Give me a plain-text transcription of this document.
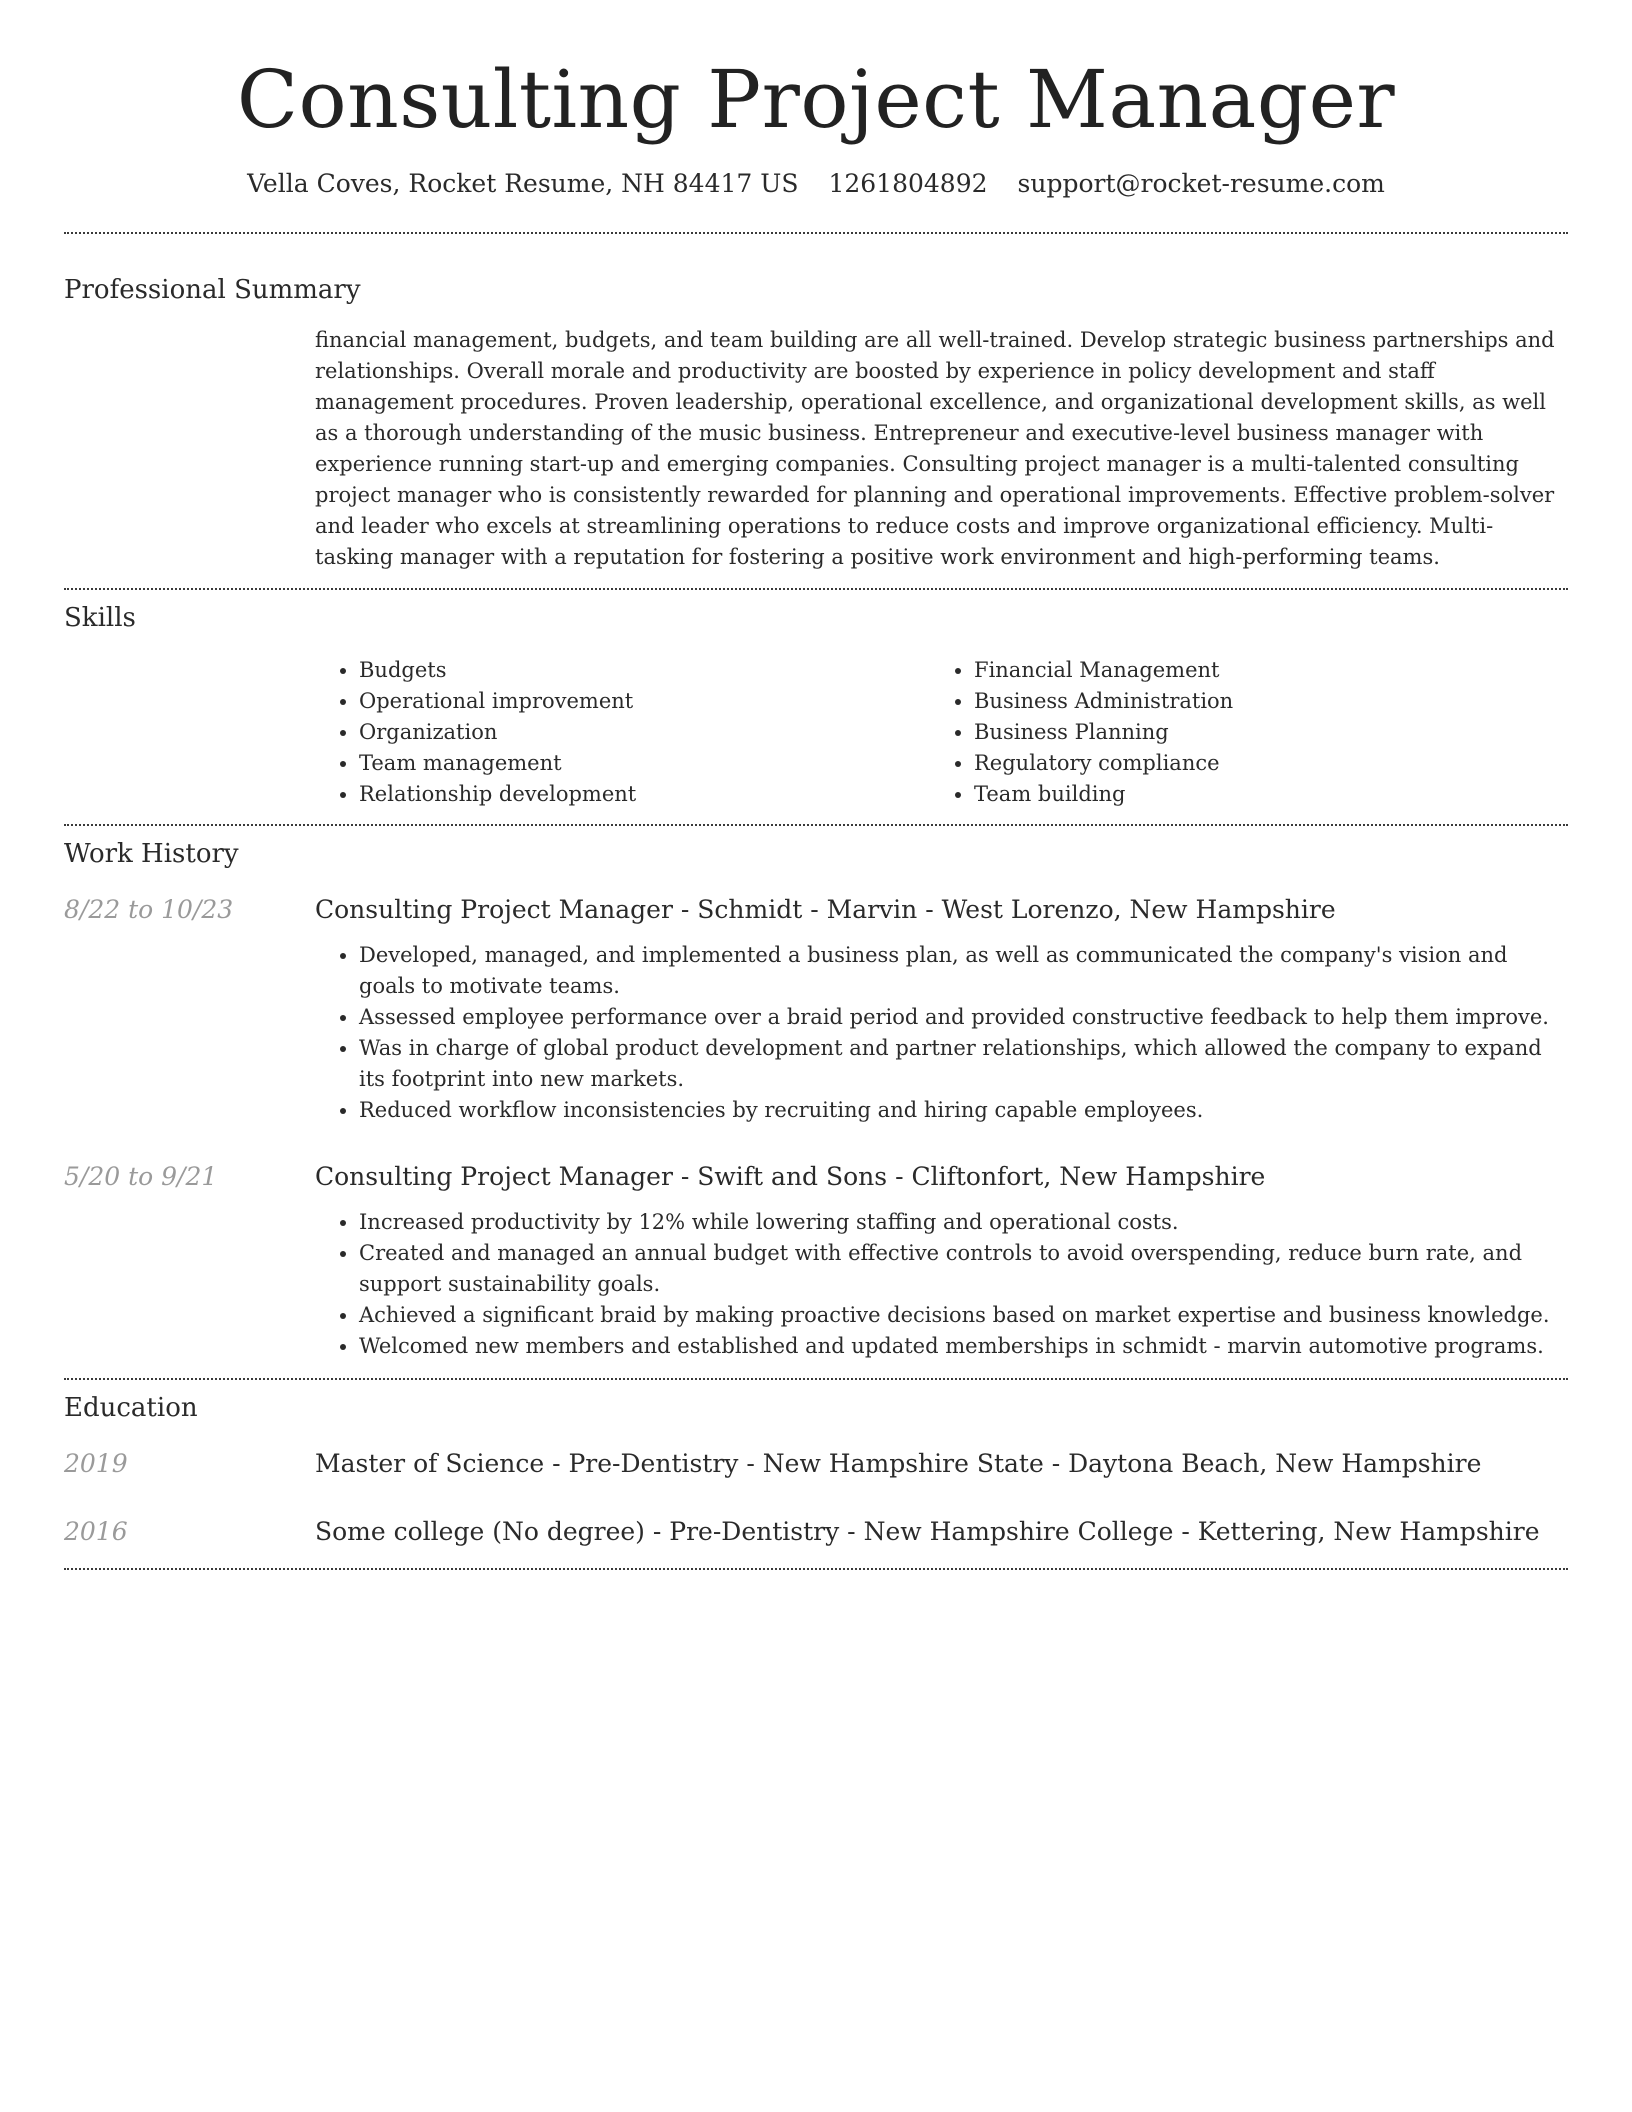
Consulting Project Manager
Vella Coves, Rocket Resume, NH 84417 US 1261804892 support@rocket-resume.com
Professional Summary

financial management, budgets, and team building are all well-trained. Develop strategic business partnerships and relationships. Overall morale and productivity are boosted by experience in policy development and staff management procedures. Proven leadership, operational excellence, and organizational development skills, as well as a thorough understanding of the music business. Entrepreneur and executive-level business manager with experience running start-up and emerging companies. Consulting project manager is a multi-talented consulting project manager who is consistently rewarded for planning and operational improvements. Effective problem-solver and leader who excels at streamlining operations to reduce costs and improve organizational efficiency. Multi-tasking manager with a reputation for fostering a positive work environment and high-performing teams.

Skills
• Budgets
• Operational improvement
• Organization
• Team management
• Relationship development
• Financial Management
• Business Administration
• Business Planning
• Regulatory compliance
• Team building
Work History
8/22 to 10/23	Consulting Project Manager - Schmidt - Marvin - West Lorenzo, New Hampshire
• Developed, managed, and implemented a business plan, as well as communicated the company's vision and goals to motivate teams.
• Assessed employee performance over a braid period and provided constructive feedback to help them improve.
• Was in charge of global product development and partner relationships, which allowed the company to expand its footprint into new markets.
• Reduced workflow inconsistencies by recruiting and hiring capable employees.
5/20 to 9/21	Consulting Project Manager - Swift and Sons - Cliftonfort, New Hampshire
• Increased productivity by 12% while lowering staffing and operational costs.
• Created and managed an annual budget with effective controls to avoid overspending, reduce burn rate, and support sustainability goals.
• Achieved a significant braid by making proactive decisions based on market expertise and business knowledge.
• Welcomed new members and established and updated memberships in schmidt - marvin automotive programs.
Education
2019	Master of Science - Pre-Dentistry - New Hampshire State - Daytona Beach, New Hampshire
2016	Some college (No degree) - Pre-Dentistry - New Hampshire College - Kettering, New Hampshire
